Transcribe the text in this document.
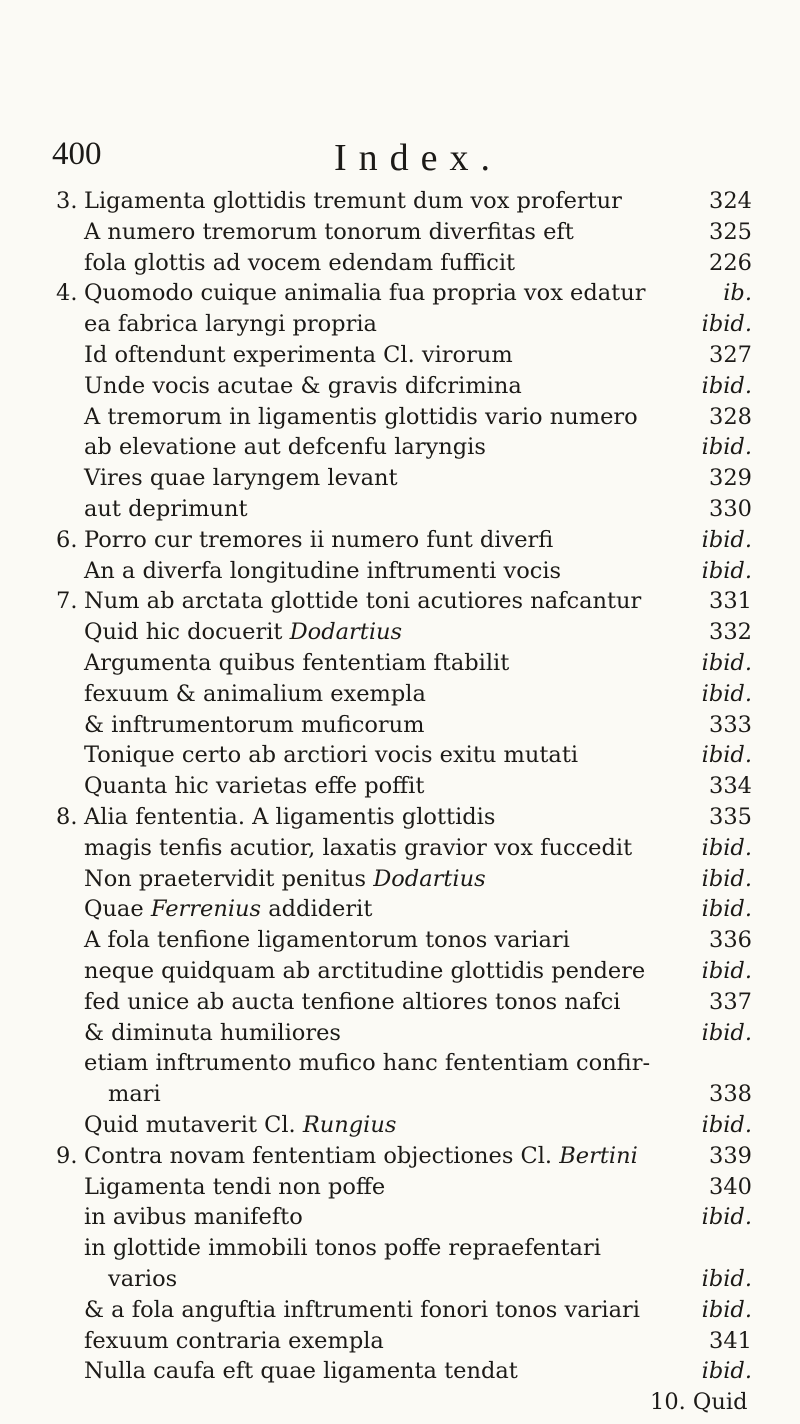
400	Index.
3. Ligamenta glottidis tremunt dum vox profertur	324
A numero tremorum tonorum diverfitas eft	325
fola glottis ad vocem edendam fufficit	226
4. Quomodo cuique animalia fua propria vox edatur	ib.
ea fabrica laryngi propria	ibid.
Id oftendunt experimenta Cl. virorum	327
Unde vocis acutae & gravis difcrimina	ibid.
A tremorum in ligamentis glottidis vario numero	328
ab elevatione aut defcenfu laryngis	ibid.
Vires quae laryngem levant	329
aut deprimunt	330
6. Porro cur tremores ii numero funt diverfi	ibid.
An a diverfa longitudine inftrumenti vocis	ibid.
7. Num ab arctata glottide toni acutiores nafcantur	331
Quid hic docuerit Dodartius	332
Argumenta quibus fententiam ftabilit	ibid.
fexuum & animalium exempla	ibid.
& inftrumentorum muficorum	333
Tonique certo ab arctiori vocis exitu mutati	ibid.
Quanta hic varietas effe poffit	334
8. Alia fententia. A ligamentis glottidis	335
magis tenfis acutior, laxatis gravior vox fuccedit	ibid.
Non praetervidit penitus Dodartius	ibid.
Quae Ferrenius addiderit	ibid.
A fola tenfione ligamentorum tonos variari	336
neque quidquam ab arctitudine glottidis pendere	ibid.
fed unice ab aucta tenfione altiores tonos nafci	337
& diminuta humiliores	ibid.
etiam inftrumento mufico hanc fententiam confir-
mari	338
Quid mutaverit Cl. Rungius	ibid.
9. Contra novam fententiam objectiones Cl. Bertini	339
Ligamenta tendi non poffe	340
in avibus manifefto	ibid.
in glottide immobili tonos poffe repraefentari
varios	ibid.
& a fola anguftia inftrumenti fonori tonos variari	ibid.
fexuum contraria exempla	341
Nulla caufa eft quae ligamenta tendat	ibid.
10. Quid
